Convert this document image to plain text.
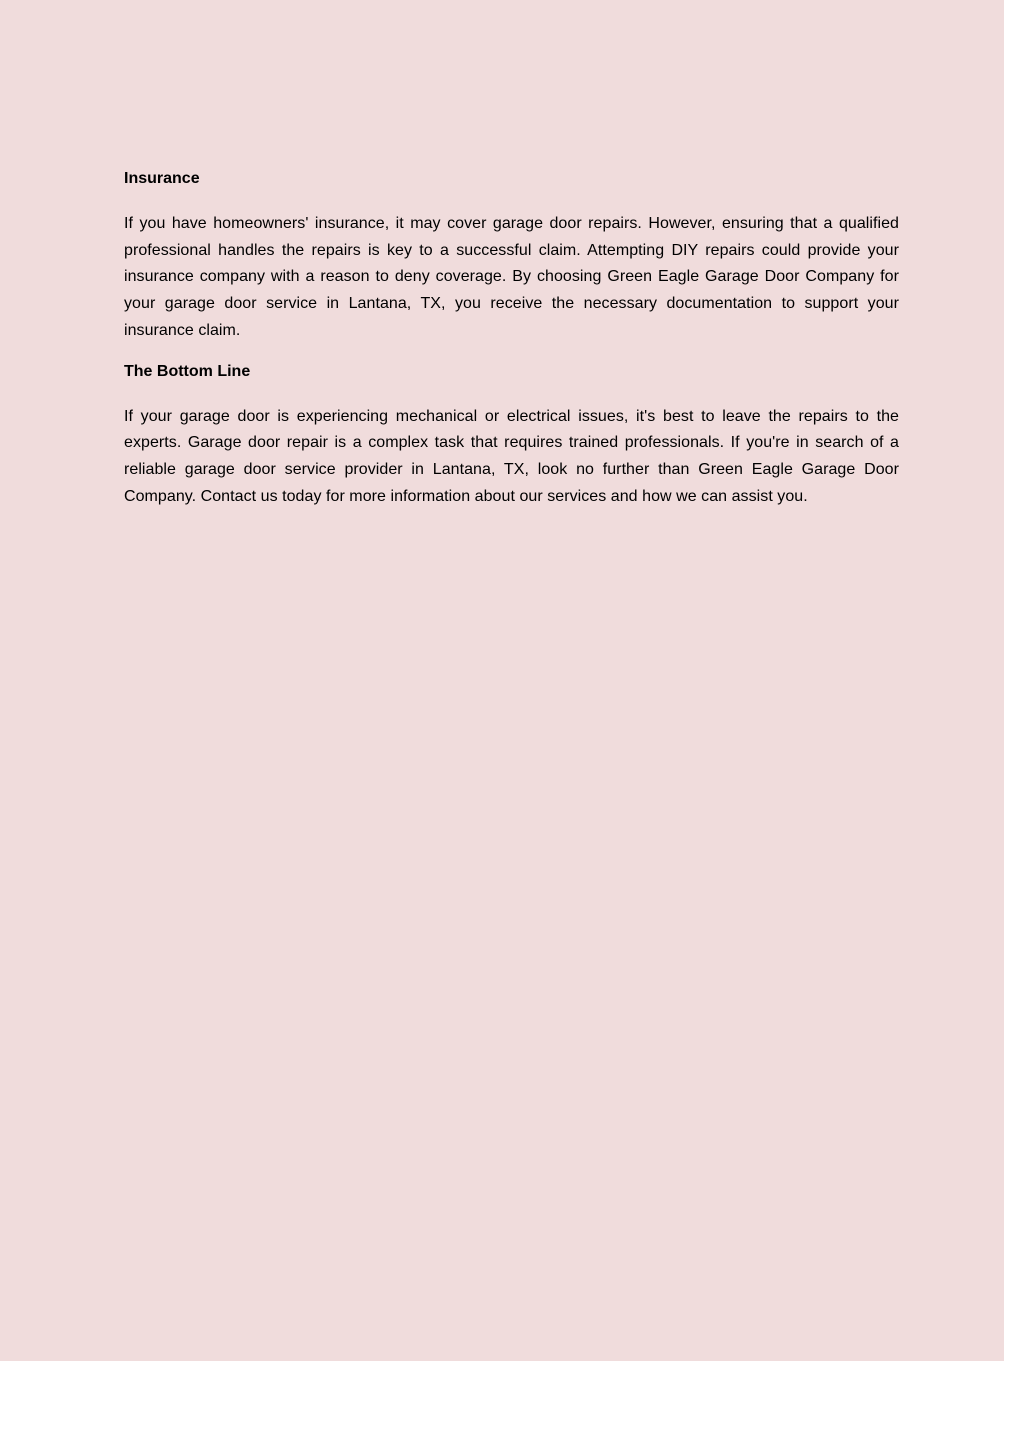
Insurance

If you have homeowners' insurance, it may cover garage door repairs. However, ensuring that a qualified professional handles the repairs is key to a successful claim. Attempting DIY repairs could provide your insurance company with a reason to deny coverage. By choosing Green Eagle Garage Door Company for your garage door service in Lantana, TX, you receive the necessary documentation to support your insurance claim.

The Bottom Line

If your garage door is experiencing mechanical or electrical issues, it's best to leave the repairs to the experts. Garage door repair is a complex task that requires trained professionals. If you're in search of a reliable garage door service provider in Lantana, TX, look no further than Green Eagle Garage Door Company. Contact us today for more information about our services and how we can assist you.
